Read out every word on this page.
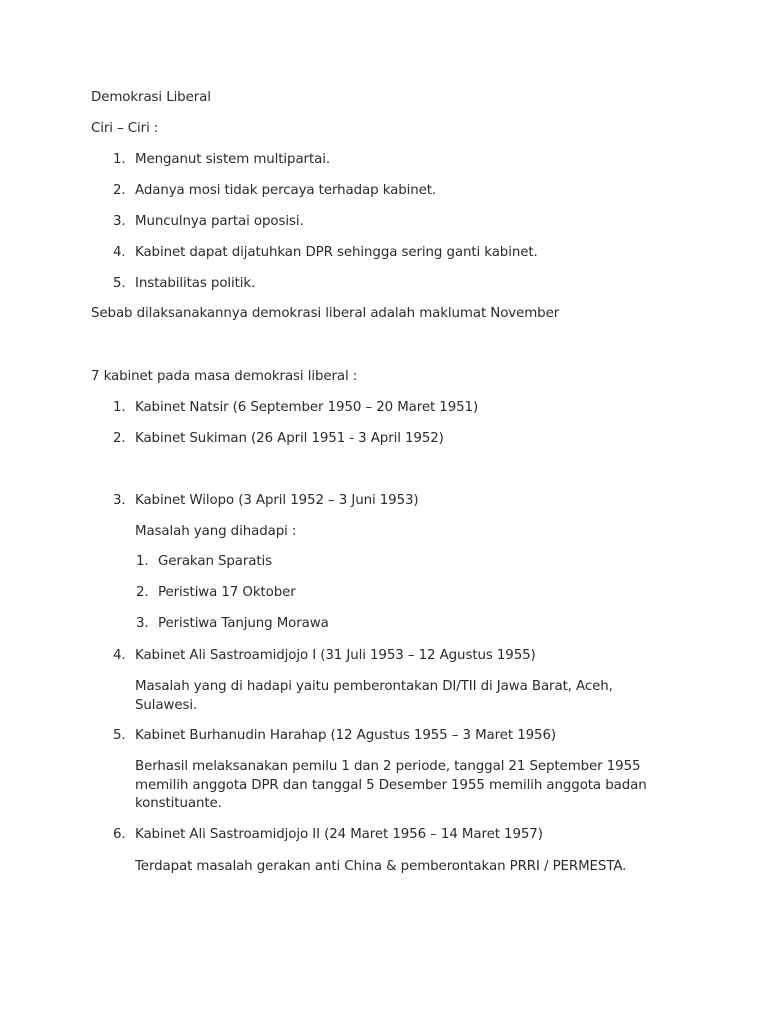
Demokrasi Liberal
Ciri – Ciri :
1. Menganut sistem multipartai.
2. Adanya mosi tidak percaya terhadap kabinet.
3. Munculnya partai oposisi.
4. Kabinet dapat dijatuhkan DPR sehingga sering ganti kabinet.
5. Instabilitas politik.
Sebab dilaksanakannya demokrasi liberal adalah maklumat November
7 kabinet pada masa demokrasi liberal :
1. Kabinet Natsir (6 September 1950 – 20 Maret 1951)
2. Kabinet Sukiman (26 April 1951 - 3 April 1952)
3. Kabinet Wilopo (3 April 1952 – 3 Juni 1953)
Masalah yang dihadapi :
1. Gerakan Sparatis
2. Peristiwa 17 Oktober
3. Peristiwa Tanjung Morawa
4. Kabinet Ali Sastroamidjojo I (31 Juli 1953 – 12 Agustus 1955)
Masalah yang di hadapi yaitu pemberontakan DI/TII di Jawa Barat, Aceh, Sulawesi.
5. Kabinet Burhanudin Harahap (12 Agustus 1955 – 3 Maret 1956)
Berhasil melaksanakan pemilu 1 dan 2 periode, tanggal 21 September 1955 memilih anggota DPR dan tanggal 5 Desember 1955 memilih anggota badan konstituante.
6. Kabinet Ali Sastroamidjojo II (24 Maret 1956 – 14 Maret 1957)
Terdapat masalah gerakan anti China & pemberontakan PRRI / PERMESTA.
